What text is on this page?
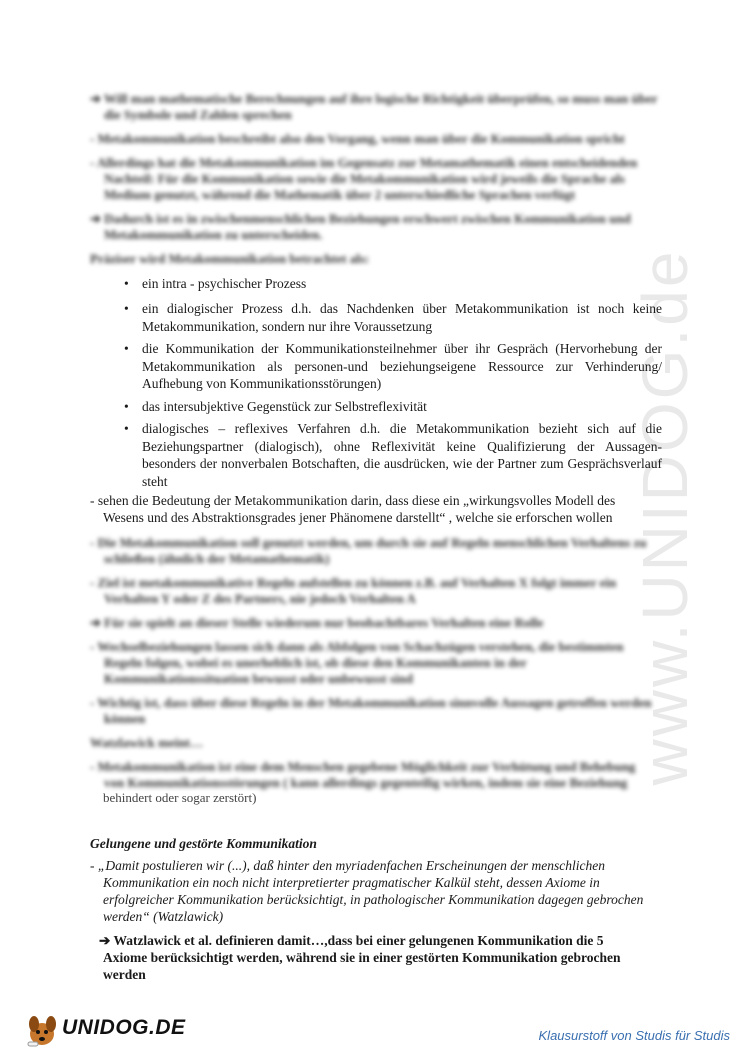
www.UNIDOG.de
➔ Will man mathematische Berechnungen auf ihre logische Richtigkeit überprüfen, so muss man über
die Symbole und Zahlen sprechen
- Metakommunikation beschreibt also den Vorgang, wenn man über die Kommunikation spricht
- Allerdings hat die Metakommunikation im Gegensatz zur Metamathematik einen entscheidenden
Nachteil: Für die Kommunikation sowie die Metakommunikation wird jeweils die Sprache als
Medium genutzt, während die Mathematik über 2 unterschiedliche Sprachen verfügt
➔ Dadurch ist es in zwischenmenschlichen Beziehungen erschwert zwischen Kommunikation und
Metakommunikation zu unterscheiden.
Präziser wird Metakommunikation betrachtet als:
• ein intra - psychischer Prozess
• ein dialogischer Prozess d.h. das Nachdenken über Metakommunikation ist noch keine Metakommunikation, sondern nur ihre Voraussetzung
• die Kommunikation der Kommunikationsteilnehmer über ihr Gespräch (Hervorhebung der Metakommunikation als personen-und beziehungseigene Ressource zur Verhinderung/ Aufhebung von Kommunikationsstörungen)
• das intersubjektive Gegenstück zur Selbstreflexivität
• dialogisches – reflexives Verfahren d.h. die Metakommunikation bezieht sich auf die Beziehungspartner (dialogisch), ohne Reflexivität keine Qualifizierung der Aussagen- besonders der nonverbalen Botschaften, die ausdrücken, wie der Partner zum Gesprächsverlauf steht
- sehen die Bedeutung der Metakommunikation darin, dass diese ein „wirkungsvolles Modell des
Wesens und des Abstraktionsgrades jener Phänomene darstellt“ , welche sie erforschen wollen
- Die Metakommunikation soll genutzt werden, um durch sie auf Regeln menschlichen Verhaltens zu
schließen (ähnlich der Metamathematik)
- Ziel ist metakommunikative Regeln aufstellen zu können z.B. auf Verhalten X folgt immer ein
Verhalten Y oder Z des Partners, nie jedoch Verhalten A
➔ Für sie spielt an dieser Stelle wiederum nur beobachtbares Verhalten eine Rolle
- Wechselbeziehungen lassen sich dann als Abfolgen von Schachzügen verstehen, die bestimmten
Regeln folgen, wobei es unerheblich ist, ob diese den Kommunikanten in der
Kommunikationssituation bewusst oder unbewusst sind
- Wichtig ist, dass über diese Regeln in der Metakommunikation sinnvolle Aussagen getroffen werden
können
Watzlawick meint…
- Metakommunikation ist eine dem Menschen gegebene Möglichkeit zur Verhütung und Behebung
von Kommunikationsstörungen ( kann allerdings gegenteilig wirken, indem sie eine Beziehung
behindert oder sogar zerstört)
Gelungene und gestörte Kommunikation
- „Damit postulieren wir (...), daß hinter den myriadenfachen Erscheinungen der menschlichen
Kommunikation ein noch nicht interpretierter pragmatischer Kalkül steht, dessen Axiome in
erfolgreicher Kommunikation berücksichtigt, in pathologischer Kommunikation dagegen gebrochen
werden“ (Watzlawick)
➔ Watzlawick et al. definieren damit…,dass bei einer gelungenen Kommunikation die 5
Axiome berücksichtigt werden, während sie in einer gestörten Kommunikation gebrochen
werden
UNIDOG.DE	Klausurstoff von Studis für Studis
